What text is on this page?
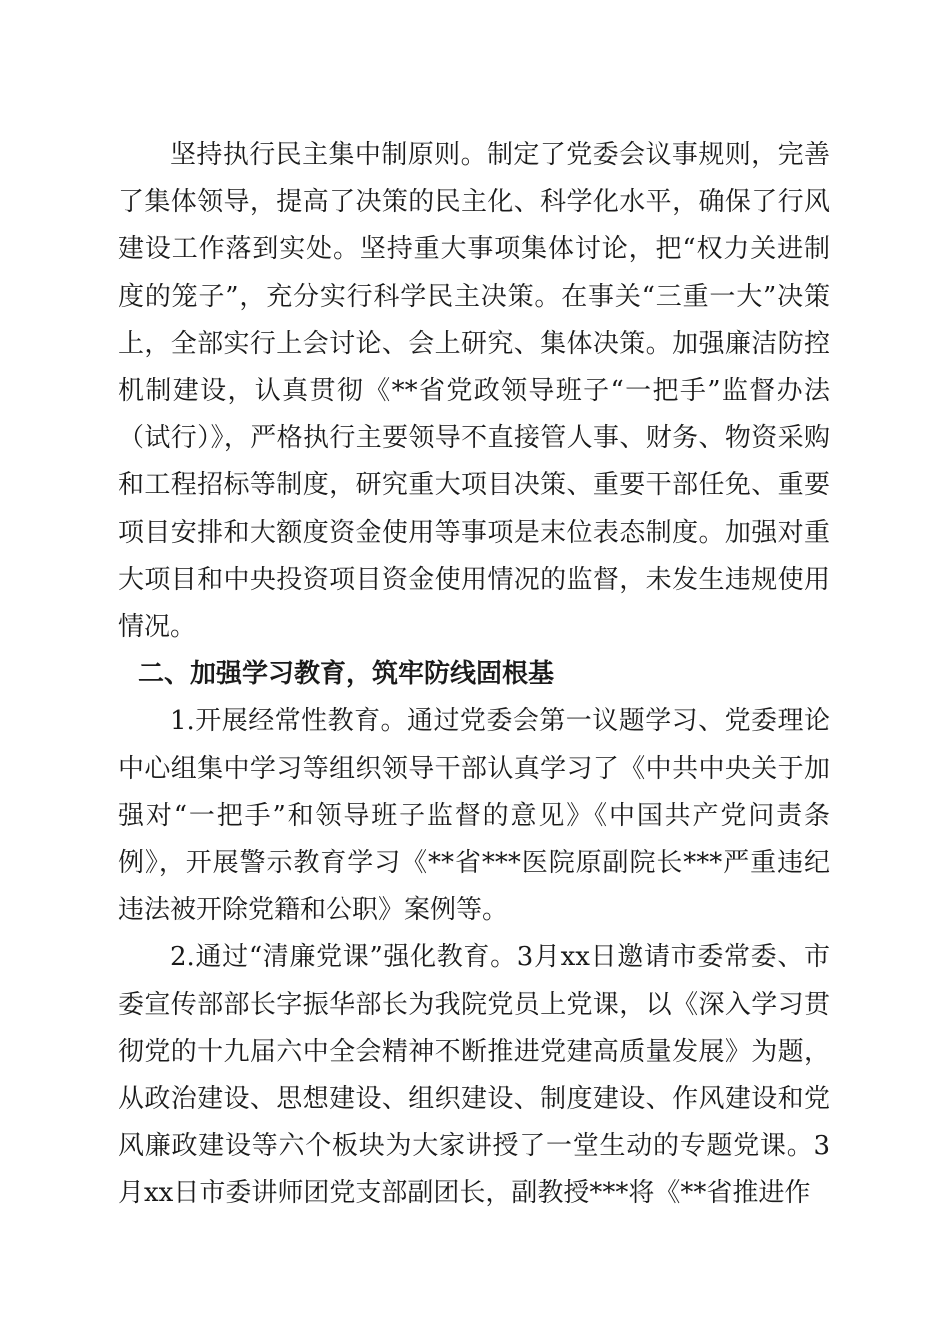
坚持执行民主集中制原则。制定了党委会议事规则，完善了集体领导，提高了决策的民主化、科学化水平，确保了行风建设工作落到实处。坚持重大事项集体讨论，把“权力关进制度的笼子”，充分实行科学民主决策。在事关“三重一大”决策上，全部实行上会讨论、会上研究、集体决策。加强廉洁防控机制建设，认真贯彻《**省党政领导班子“一把手”监督办法（试行）》，严格执行主要领导不直接管人事、财务、物资采购和工程招标等制度，研究重大项目决策、重要干部任免、重要项目安排和大额度资金使用等事项是末位表态制度。加强对重大项目和中央投资项目资金使用情况的监督，未发生违规使用情况。

二、加强学习教育，筑牢防线固根基

1.开展经常性教育。通过党委会第一议题学习、党委理论中心组集中学习等组织领导干部认真学习了《中共中央关于加强对“一把手”和领导班子监督的意见》《中国共产党问责条例》，开展警示教育学习《**省***医院原副院长***严重违纪违法被开除党籍和公职》案例等。

2.通过“清廉党课”强化教育。3月xx日邀请市委常委、市委宣传部部长字振华部长为我院党员上党课，以《深入学习贯彻党的十九届六中全会精神不断推进党建高质量发展》为题，从政治建设、思想建设、组织建设、制度建设、作风建设和党风廉政建设等六个板块为大家讲授了一堂生动的专题党课。3月xx日市委讲师团党支部副团长，副教授***将《**省推进作
